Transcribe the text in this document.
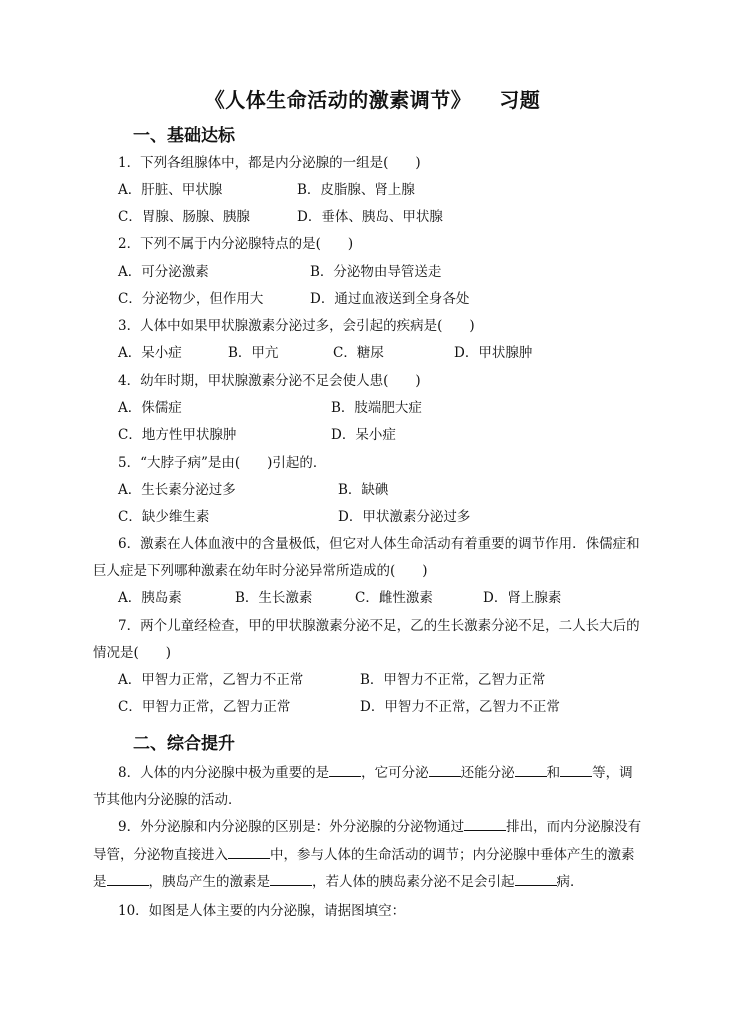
《人体生命活动的激素调节》 习题
一、基础达标
1．下列各组腺体中，都是内分泌腺的一组是(　　)
A．肝脏、甲状腺	B．皮脂腺、肾上腺
C．胃腺、肠腺、胰腺	D．垂体、胰岛、甲状腺
2．下列不属于内分泌腺特点的是(　　)
A．可分泌激素	B．分泌物由导管送走
C．分泌物少，但作用大	D．通过血液送到全身各处
3．人体中如果甲状腺激素分泌过多，会引起的疾病是(　　)
A．呆小症	B．甲亢	C．糖尿	D．甲状腺肿
4．幼年时期，甲状腺激素分泌不足会使人患(　　)
A．侏儒症	B．肢端肥大症
C．地方性甲状腺肿	D．呆小症
5．“大脖子病”是由(　　)引起的．
A．生长素分泌过多	B．缺碘
C．缺少维生素	D．甲状激素分泌过多
6．激素在人体血液中的含量极低，但它对人体生命活动有着重要的调节作用．侏儒症和
巨人症是下列哪种激素在幼年时分泌异常所造成的(　　)
A．胰岛素	B．生长激素	C．雌性激素	D．肾上腺素
7．两个儿童经检查，甲的甲状腺激素分泌不足，乙的生长激素分泌不足，二人长大后的
情况是(　　)
A．甲智力正常，乙智力不正常	B．甲智力不正常，乙智力正常
C．甲智力正常，乙智力正常	D．甲智力不正常，乙智力不正常
二、综合提升
8．人体的内分泌腺中极为重要的是 ，它可分泌 还能分泌 和 等，调
节其他内分泌腺的活动．
9．外分泌腺和内分泌腺的区别是：外分泌腺的分泌物通过	排出，而内分泌腺没有
导管，分泌物直接进入	中，参与人体的生命活动的调节；内分泌腺中垂体产生的激素
是	，胰岛产生的激素是	，若人体的胰岛素分泌不足会引起	病．
10．如图是人体主要的内分泌腺，请据图填空：
